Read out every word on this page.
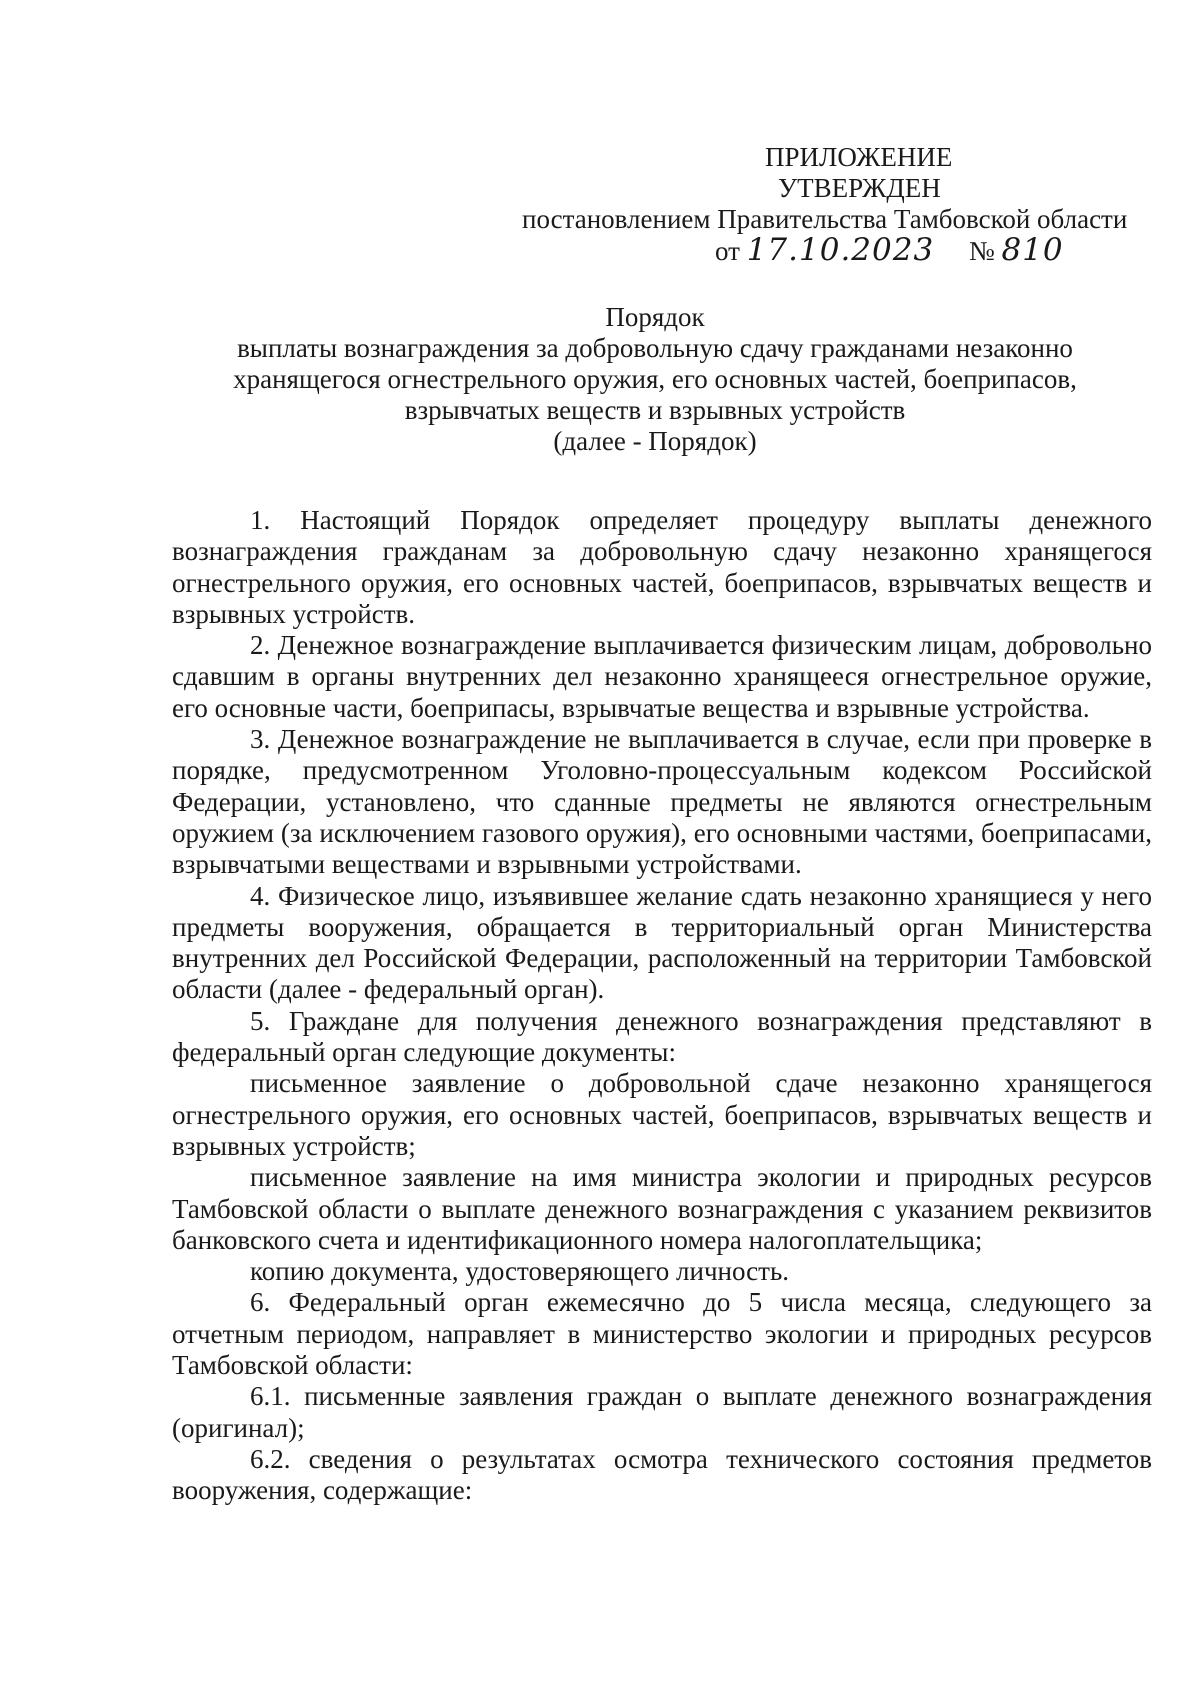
ПРИЛОЖЕНИЕ
УТВЕРЖДЕН
постановлением Правительства Тамбовской области
от 17.10.2023 № 810
Порядок
выплаты вознаграждения за добровольную сдачу гражданами незаконно
хранящегося огнестрельного оружия, его основных частей, боеприпасов,
взрывчатых веществ и взрывных устройств
(далее - Порядок)

1. Настоящий Порядок определяет процедуру выплаты денежного вознаграждения гражданам за добровольную сдачу незаконно хранящегося огнестрельного оружия, его основных частей, боеприпасов, взрывчатых веществ и взрывных устройств.

2. Денежное вознаграждение выплачивается физическим лицам, добровольно сдавшим в органы внутренних дел незаконно хранящееся огнестрельное оружие, его основные части, боеприпасы, взрывчатые вещества и взрывные устройства.

3. Денежное вознаграждение не выплачивается в случае, если при проверке в порядке, предусмотренном Уголовно-процессуальным кодексом Российской Федерации, установлено, что сданные предметы не являются огнестрельным оружием (за исключением газового оружия), его основными частями, боеприпасами, взрывчатыми веществами и взрывными устройствами.

4. Физическое лицо, изъявившее желание сдать незаконно хранящиеся у него предметы вооружения, обращается в территориальный орган Министерства внутренних дел Российской Федерации, расположенный на территории Тамбовской области (далее - федеральный орган).

5. Граждане для получения денежного вознаграждения представляют в федеральный орган следующие документы:

письменное заявление о добровольной сдаче незаконно хранящегося огнестрельного оружия, его основных частей, боеприпасов, взрывчатых веществ и взрывных устройств;

письменное заявление на имя министра экологии и природных ресурсов Тамбовской области о выплате денежного вознаграждения с указанием реквизитов банковского счета и идентификационного номера налогоплательщика;

копию документа, удостоверяющего личность.

6. Федеральный орган ежемесячно до 5 числа месяца, следующего за отчетным периодом, направляет в министерство экологии и природных ресурсов Тамбовской области:

6.1. письменные заявления граждан о выплате денежного вознаграждения (оригинал);

6.2. сведения о результатах осмотра технического состояния предметов вооружения, содержащие:
